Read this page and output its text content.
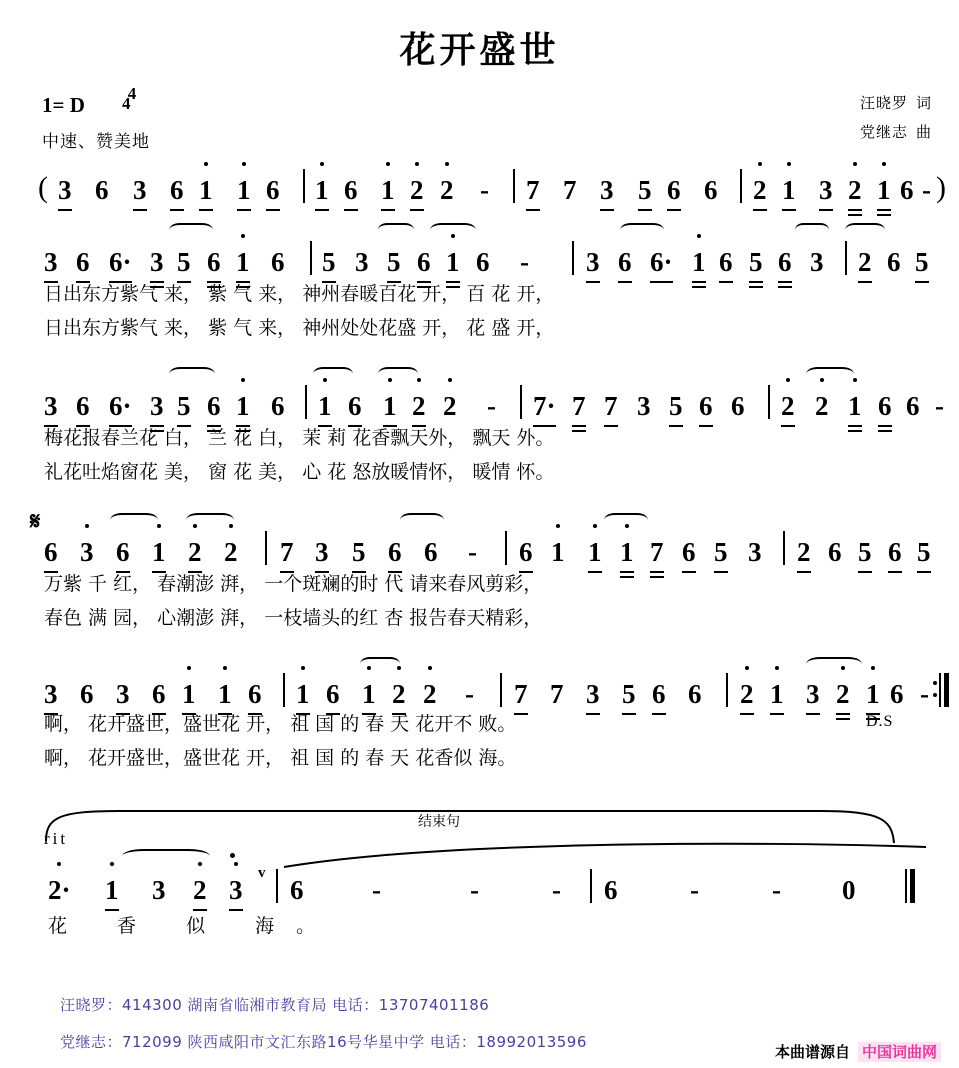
花开盛世
1= D 4
4
中速、赞美地
汪晓罗 词
党继志 曲
( 3 6 3 6 1 1 6 1 6 1 2 2 - 7 7 3 5 6 6 2 1 3 2 1 6 - )
3 6 6· 3 5 6 1 6 5 3 5 6 1 6 - 3 6 6· 1 6 5 6 3 2 6 5
日出东方紫气 来， 紫 气 来， 神州春暖百花 开， 百 花 开，
日出东方紫气 来， 紫 气 来， 神州处处花盛 开， 花 盛 开，
3 6 6· 3 5 6 1 6 1 6 1 2 2 - 7· 7 7 3 5 6 6 2 2 1 6 6 -
梅花报春兰花 白， 兰 花 白， 茉 莉 花香飘天外， 飘天 外。
礼花吐焰窗花 美， 窗 花 美， 心 花 怒放暖情怀， 暖情 怀。
𝄋
6 3 6 1 2 2 7 3 5 6 6 - 6 1 1 1 7 6 5 3 2 6 5 6 5
万紫 千 红， 春潮澎 湃， 一个斑斓的时 代 请来春风剪彩，
春色 满 园， 心潮澎 湃， 一枝墙头的红 杏 报告春天精彩，
3 6 3 6 1 1 6 1 6 1 2 2 - 7 7 3 5 6 6 2 1 3 2 1 6 -
啊， 花开盛世，盛世花 开， 祖 国 的 春 天 花开不 败。	D.S
啊， 花开盛世，盛世花 开， 祖 国 的 春 天 花香似 海。
rit
结束句
2· 1 3 2 3
v
6	-	-	- 6	-	- 0
花 香 似 海。
汪晓罗：414300 湖南省临湘市教育局 电话：13707401186
党继志：712099 陕西咸阳市文汇东路16号华星中学 电话：18992013596
本曲谱源自 中国词曲网
